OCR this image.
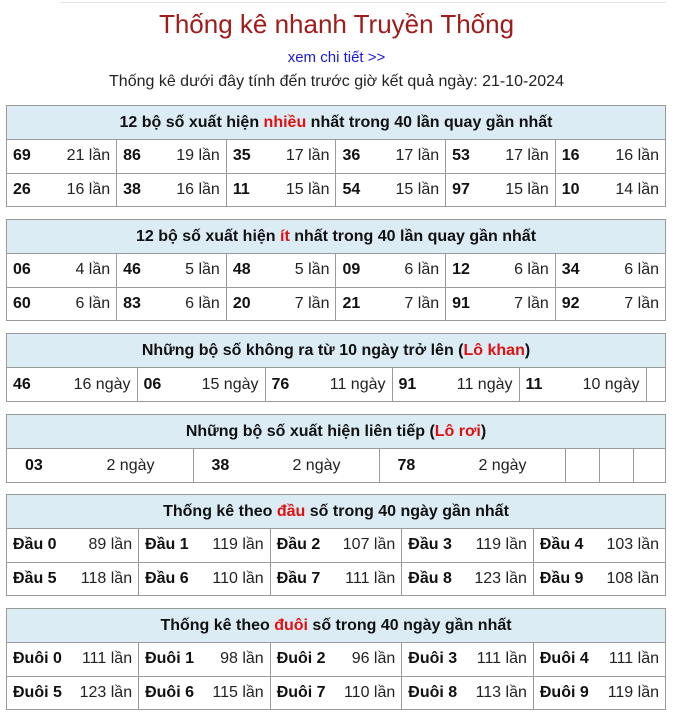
Thống kê nhanh Truyền Thống
xem chi tiết >>
Thống kê dưới đây tính đến trước giờ kết quả ngày: 21-10-2024
12 bộ số xuất hiện nhiều nhất trong 40 lần quay gần nhất
69 21 lần	86 19 lần	35 17 lần	36 17 lần	53 17 lần	16 16 lần

26 16 lần	38 16 lần	11 15 lần	54 15 lần	97 15 lần	10 14 lần
12 bộ số xuất hiện ít nhất trong 40 lần quay gần nhất
06 4 lần	46 5 lần	48 5 lần	09 6 lần	12 6 lần	34 6 lần

60 6 lần	83 6 lần	20 7 lần	21 7 lần	91 7 lần	92 7 lần
Những bộ số không ra từ 10 ngày trở lên (Lô khan)
46	16 ngày	06	15 ngày	76	11 ngày	91	11 ngày	11	10 ngày

Những bộ số xuất hiện liên tiếp (Lô rơi)
03	2 ngày	38	2 ngày	78	2 ngày

Thống kê theo đầu số trong 40 ngày gần nhất
Đầu 0 89 lần	Đầu 1 119 lần	Đầu 2 107 lần	Đầu 3 119 lần	Đầu 4 103 lần

Đầu 5 118 lần	Đầu 6 110 lần	Đầu 7 111 lần	Đầu 8 123 lần	Đầu 9 108 lần
Thống kê theo đuôi số trong 40 ngày gần nhất
Đuôi 0 111 lần	Đuôi 1 98 lần	Đuôi 2 96 lần	Đuôi 3 111 lần	Đuôi 4 111 lần

Đuôi 5 123 lần	Đuôi 6 115 lần	Đuôi 7 110 lần	Đuôi 8 113 lần	Đuôi 9 119 lần
